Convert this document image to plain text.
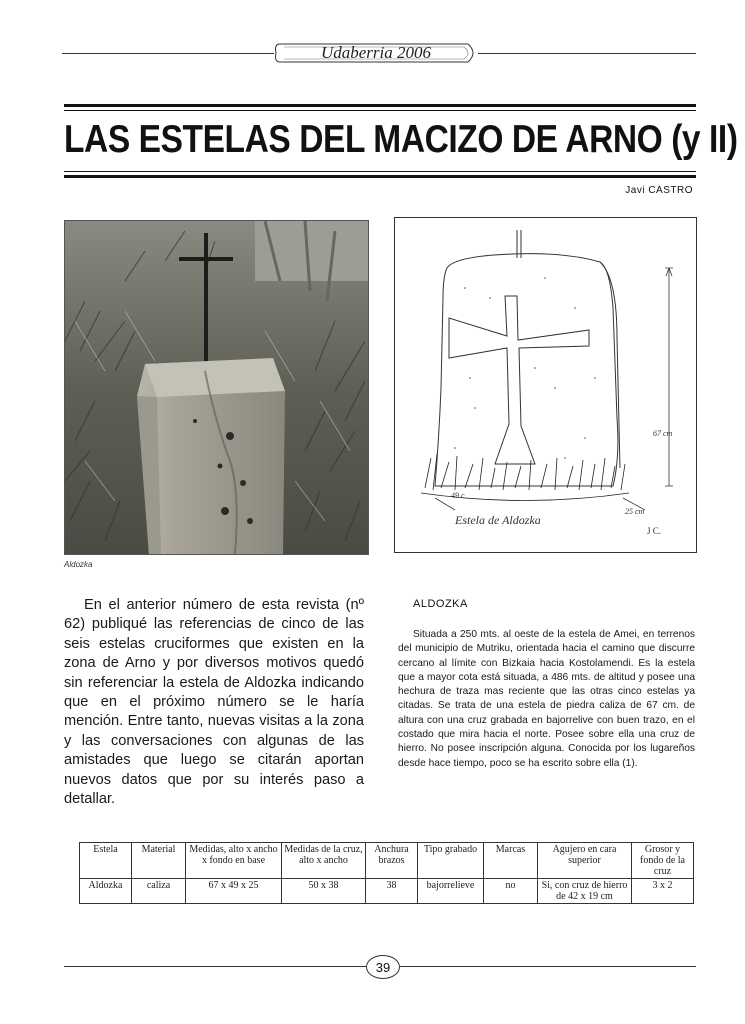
Udaberria 2006
LAS ESTELAS DEL MACIZO DE ARNO (y II)
Javi CASTRO
Aldozka
67 cm
49 c
25 cm
Estela de Aldozka
J C.

En el anterior número de esta revista (nº 62) publiqué las referencias de cinco de las seis estelas cruciformes que existen en la zona de Arno y por diversos motivos quedó sin referenciar la estela de Aldozka indicando que en el próximo número se le haría mención. Entre tanto, nuevas visitas a la zona y las conversaciones con algunas de las amistades que luego se citarán aportan nuevos datos que por su interés paso a detallar.

ALDOZKA

Situada a 250 mts. al oeste de la estela de Amei, en terrenos del municipio de Mutriku, orientada hacia el camino que discurre cercano al límite con Bizkaia hacia Kostolamendi. Es la estela que a mayor cota está situada, a 486 mts. de altitud y posee una hechura de traza mas reciente que las otras cinco estelas ya citadas. Se trata de una estela de piedra caliza de 67 cm. de altura con una cruz grabada en bajorrelive con buen trazo, en el costado que mira hacia el norte. Posee sobre ella una cruz de hierro. No posee inscripción alguna. Conocida por los lugareños desde hace tiempo, poco se ha escrito sobre ella (1).

Estela	Material	Medidas, alto x ancho x fondo en base	Medidas de la cruz, alto x ancho	Anchura brazos	Tipo grabado	Marcas	Agujero en cara superior	Grosor y fondo de la cruz
Aldozka	caliza	67 x 49 x 25	50 x 38	38	bajorrelieve	no	Si, con cruz de hierro de 42 x 19 cm	3 x 2
39
